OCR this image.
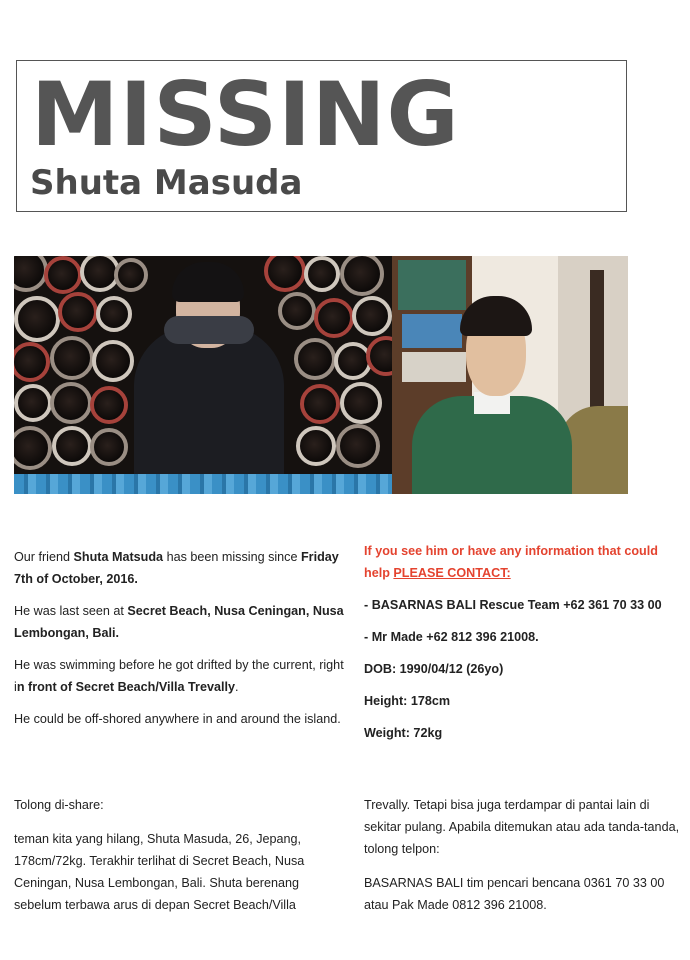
MISSING
Shuta Masuda

Our friend Shuta Matsuda has been missing since Friday 7th of October, 2016.

He was last seen at Secret Beach, Nusa Ceningan, Nusa Lembongan, Bali.

He was swimming before he got drifted by the current, right in front of Secret Beach/Villa Trevally.

He could be off-shored anywhere in and around the island.

If you see him or have any information that could help PLEASE CONTACT:

- BASARNAS BALI Rescue Team +62 361 70 33 00

- Mr Made +62 812 396 21008.

DOB: 1990/04/12 (26yo)

Height: 178cm

Weight: 72kg

Tolong di-share:

teman kita yang hilang, Shuta Masuda, 26, Jepang, 178cm/72kg. Terakhir terlihat di Secret Beach, Nusa Ceningan, Nusa Lembongan, Bali. Shuta berenang sebelum terbawa arus di depan Secret Beach/Villa

Trevally. Tetapi bisa juga terdampar di pantai lain di sekitar pulang. Apabila ditemukan atau ada tanda-tanda, tolong telpon:

BASARNAS BALI tim pencari bencana 0361 70 33 00 atau Pak Made 0812 396 21008.
